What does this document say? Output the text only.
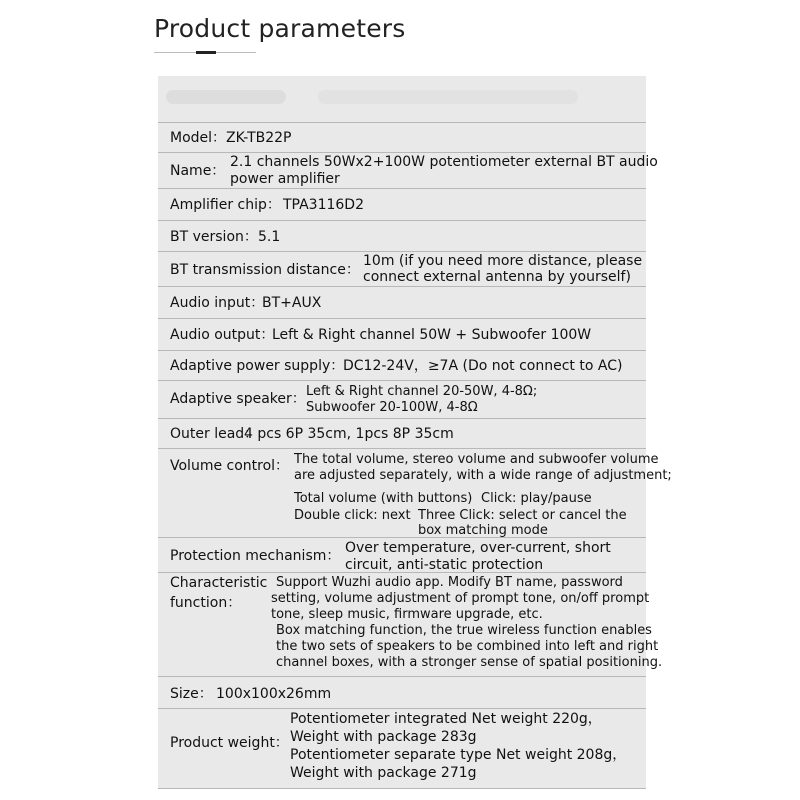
Product parameters
Model： ZK-TB22P
Name：
2.1 channels 50Wx2+100W potentiometer external BT audio
power amplifier
Amplifier chip： TPA3116D2
BT version： 5.1
BT transmission distance：
10m (if you need more distance, please
connect external antenna by yourself)
Audio input：
BT+AUX
Audio output：
Left & Right channel 50W + Subwoofer 100W
Adaptive power supply：
DC12-24V，≥7A (Do not connect to AC)
Adaptive speaker： Left & Right channel 20-50W, 4-8Ω;
Subwoofer 20-100W, 4-8Ω
Outer lead：
4 pcs 6P 35cm, 1pcs 8P 35cm
Volume control： The total volume, stereo volume and subwoofer volume
are adjusted separately, with a wide range of adjustment;
Total volume (with buttons) Click: play/pause
Double click: next Three Click: select or cancel the
box matching mode
Protection mechanism： Over temperature, over-current, short
circuit, anti-static protection
Characteristic
function：
Support Wuzhi audio app. Modify BT name, password
setting, volume adjustment of prompt tone, on/off prompt
tone, sleep music, firmware upgrade, etc.
Box matching function, the true wireless function enables
the two sets of speakers to be combined into left and right
channel boxes, with a stronger sense of spatial positioning.
Size： 100x100x26mm
Product weight：
Potentiometer integrated Net weight 220g，
Weight with package 283g
Potentiometer separate type Net weight 208g，
Weight with package 271g
